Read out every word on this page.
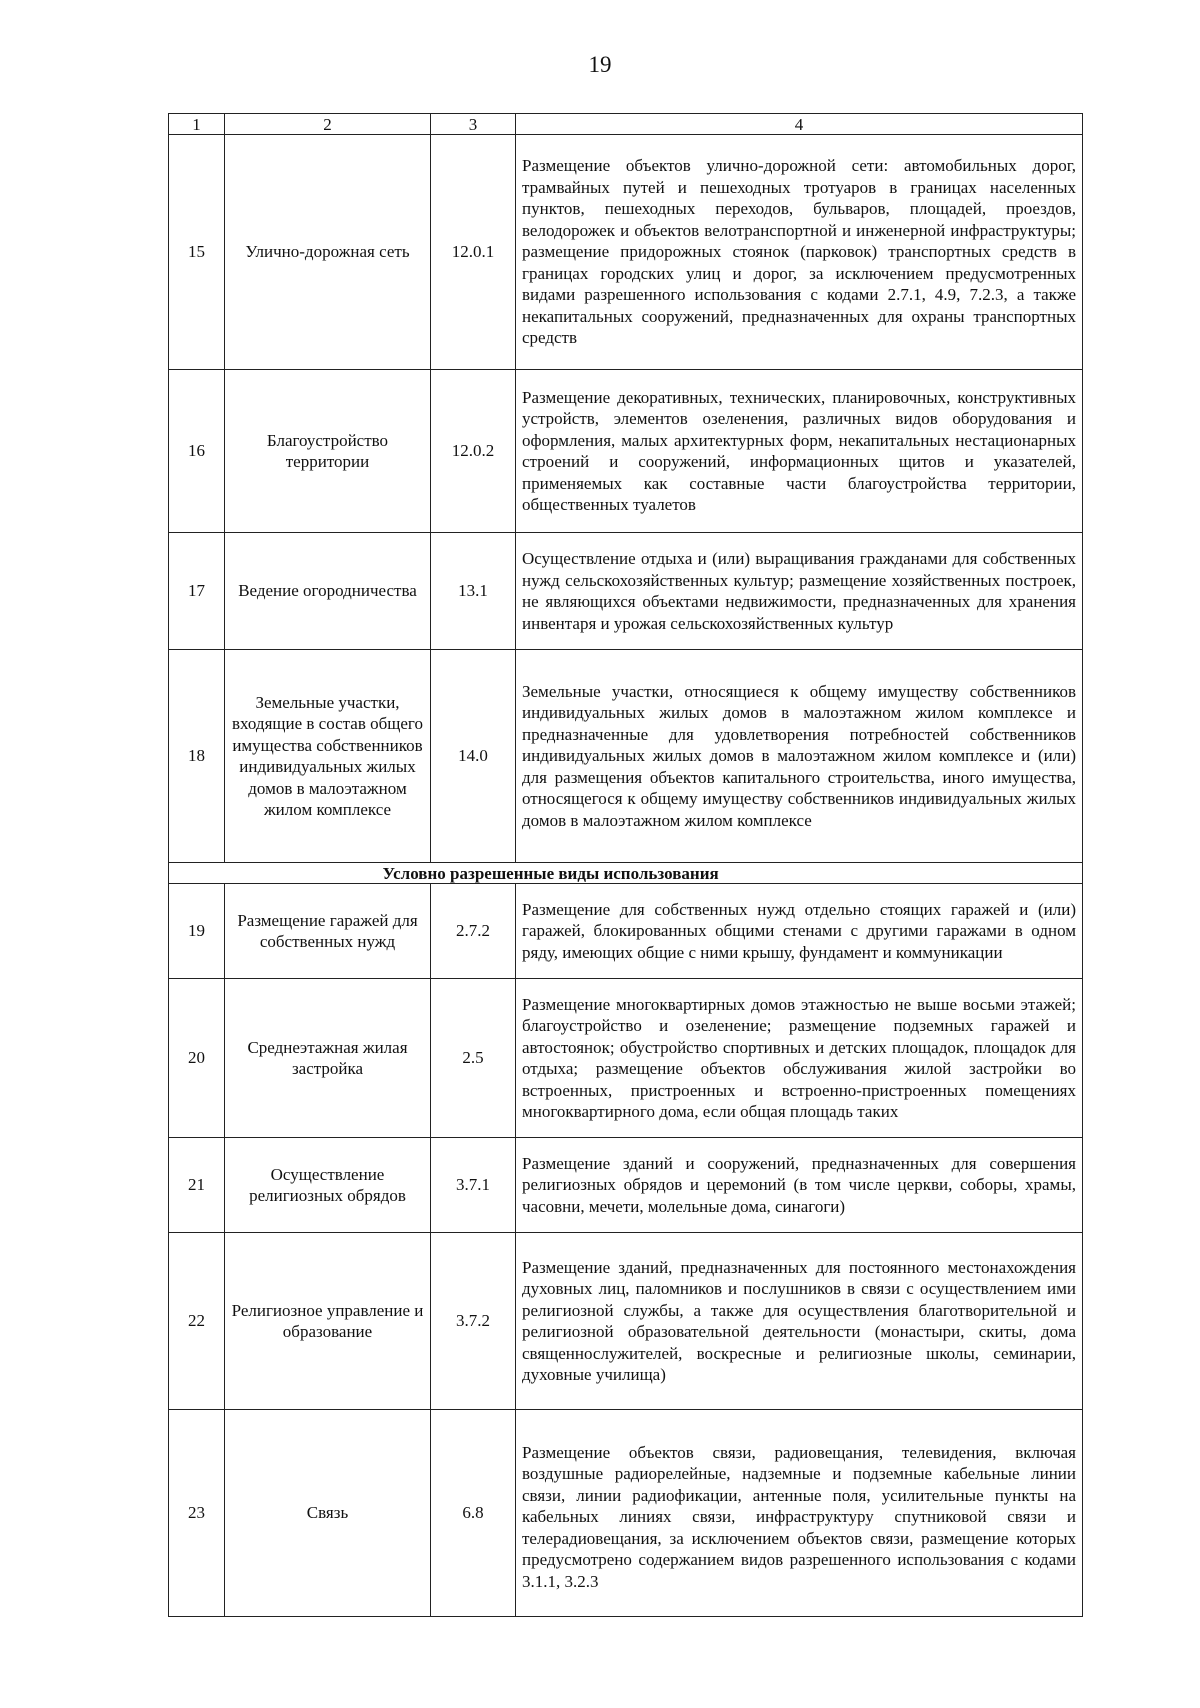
19
1	2	3	4
15	Улично-дорожная сеть	12.0.1	Размещение объектов улично-дорожной сети: автомобильных дорог, трамвайных путей и пешеходных тротуаров в границах населенных пунктов, пешеходных переходов, бульваров, площадей, проездов, велодорожек и объектов велотранспортной и инженерной инфраструктуры; размещение придорожных стоянок (парковок) транспортных средств в границах городских улиц и дорог, за исключением предусмотренных видами разрешенного использования с кодами 2.7.1, 4.9, 7.2.3, а также некапитальных сооружений, предназначенных для охраны транспортных средств
16	Благоустройство территории	12.0.2	Размещение декоративных, технических, планировочных, конструктивных устройств, элементов озеленения, различных видов оборудования и оформления, малых архитектурных форм, некапитальных нестационарных строений и сооружений, информационных щитов и указателей, применяемых как составные части благоустройства территории, общественных туалетов
17	Ведение огородничества	13.1	Осуществление отдыха и (или) выращивания гражданами для собственных нужд сельскохозяйственных культур; размещение хозяйственных построек, не являющихся объектами недвижимости, предназначенных для хранения инвентаря и урожая сельскохозяйственных культур
18	Земельные участки, входящие в состав общего имущества собственников индивидуальных жилых домов в малоэтажном жилом комплексе	14.0	Земельные участки, относящиеся к общему имуществу собственников индивидуальных жилых домов в малоэтажном жилом комплексе и предназначенные для удовлетворения потребностей собственников индивидуальных жилых домов в малоэтажном жилом комплексе и (или) для размещения объектов капитального строительства, иного имущества, относящегося к общему имуществу собственников индивидуальных жилых домов в малоэтажном жилом комплексе
		Условно разрешенные виды использования	
19	Размещение гаражей для собственных нужд	2.7.2	Размещение для собственных нужд отдельно стоящих гаражей и (или) гаражей, блокированных общими стенами с другими гаражами в одном ряду, имеющих общие с ними крышу, фундамент и коммуникации
20	Среднеэтажная жилая застройка	2.5	Размещение многоквартирных домов этажностью не выше восьми этажей; благоустройство и озеленение; размещение подземных гаражей и автостоянок; обустройство спортивных и детских площадок, площадок для отдыха; размещение объектов обслуживания жилой застройки во встроенных, пристроенных и встроенно-пристроенных помещениях многоквартирного дома, если общая площадь таких
21	Осуществление религиозных обрядов	3.7.1	Размещение зданий и сооружений, предназначенных для совершения религиозных обрядов и церемоний (в том числе церкви, соборы, храмы, часовни, мечети, молельные дома, синагоги)
22	Религиозное управление и образование	3.7.2	Размещение зданий, предназначенных для постоянного местонахождения духовных лиц, паломников и послушников в связи с осуществлением ими религиозной службы, а также для осуществления благотворительной и религиозной образовательной деятельности (монастыри, скиты, дома священнослужителей, воскресные и религиозные школы, семинарии, духовные училища)
23	Связь	6.8	Размещение объектов связи, радиовещания, телевидения, включая воздушные радиорелейные, надземные и подземные кабельные линии связи, линии радиофикации, антенные поля, усилительные пункты на кабельных линиях связи, инфраструктуру спутниковой связи и телерадиовещания, за исключением объектов связи, размещение которых предусмотрено содержанием видов разрешенного использования с кодами 3.1.1, 3.2.3
